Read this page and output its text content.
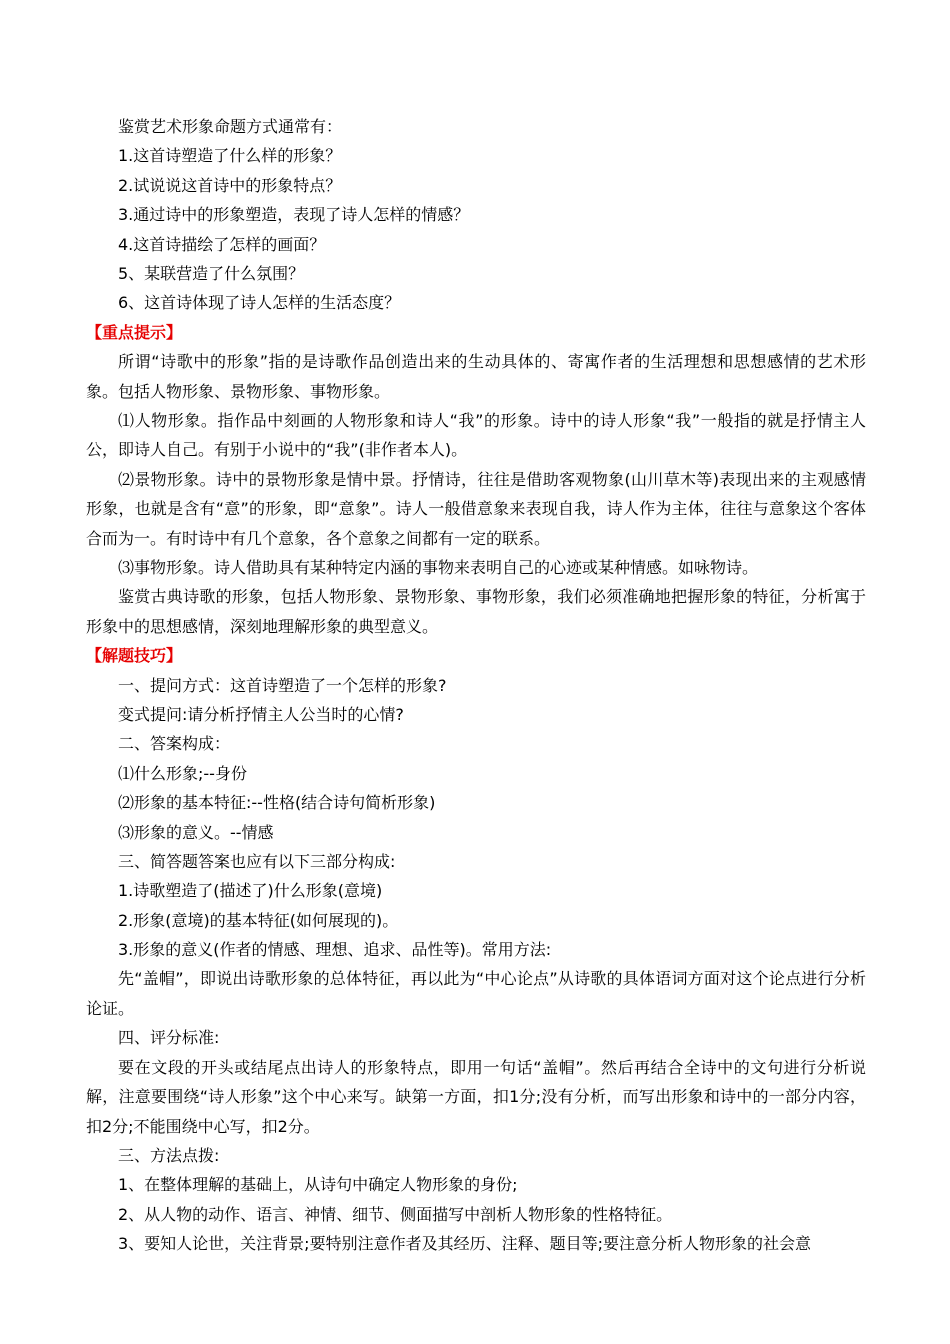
鉴赏艺术形象命题方式通常有：
1.这首诗塑造了什么样的形象？
2.试说说这首诗中的形象特点？
3.通过诗中的形象塑造，表现了诗人怎样的情感？
4.这首诗描绘了怎样的画面？
5、某联营造了什么氛围？
6、这首诗体现了诗人怎样的生活态度？
【重点提示】

所谓“诗歌中的形象”指的是诗歌作品创造出来的生动具体的、寄寓作者的生活理想和思想感情的艺术形象。包括人物形象、景物形象、事物形象。

⑴人物形象。指作品中刻画的人物形象和诗人“我”的形象。诗中的诗人形象“我”一般指的就是抒情主人公，即诗人自己。有别于小说中的“我”(非作者本人)。

⑵景物形象。诗中的景物形象是情中景。抒情诗，往往是借助客观物象(山川草木等)表现出来的主观感情形象，也就是含有“意”的形象，即“意象”。诗人一般借意象来表现自我，诗人作为主体，往往与意象这个客体合而为一。有时诗中有几个意象，各个意象之间都有一定的联系。

⑶事物形象。诗人借助具有某种特定内涵的事物来表明自己的心迹或某种情感。如咏物诗。

鉴赏古典诗歌的形象，包括人物形象、景物形象、事物形象，我们必须准确地把握形象的特征，分析寓于形象中的思想感情，深刻地理解形象的典型意义。

【解题技巧】
一、提问方式：这首诗塑造了一个怎样的形象?
变式提问:请分析抒情主人公当时的心情?
二、答案构成：
⑴什么形象;--身份
⑵形象的基本特征:--性格(结合诗句简析形象)
⑶形象的意义。--情感
三、简答题答案也应有以下三部分构成:
1.诗歌塑造了(描述了)什么形象(意境)
2.形象(意境)的基本特征(如何展现的)。
3.形象的意义(作者的情感、理想、追求、品性等)。常用方法:

先“盖帽”，即说出诗歌形象的总体特征，再以此为“中心论点”从诗歌的具体语词方面对这个论点进行分析论证。

四、评分标准:

要在文段的开头或结尾点出诗人的形象特点，即用一句话“盖帽”。然后再结合全诗中的文句进行分析说解，注意要围绕“诗人形象”这个中心来写。缺第一方面，扣1分;没有分析，而写出形象和诗中的一部分内容，扣2分;不能围绕中心写，扣2分。

三、方法点拨:
1、在整体理解的基础上，从诗句中确定人物形象的身份;
2、从人物的动作、语言、神情、细节、侧面描写中剖析人物形象的性格特征。
3、要知人论世，关注背景;要特别注意作者及其经历、注释、题目等;要注意分析人物形象的社会意
